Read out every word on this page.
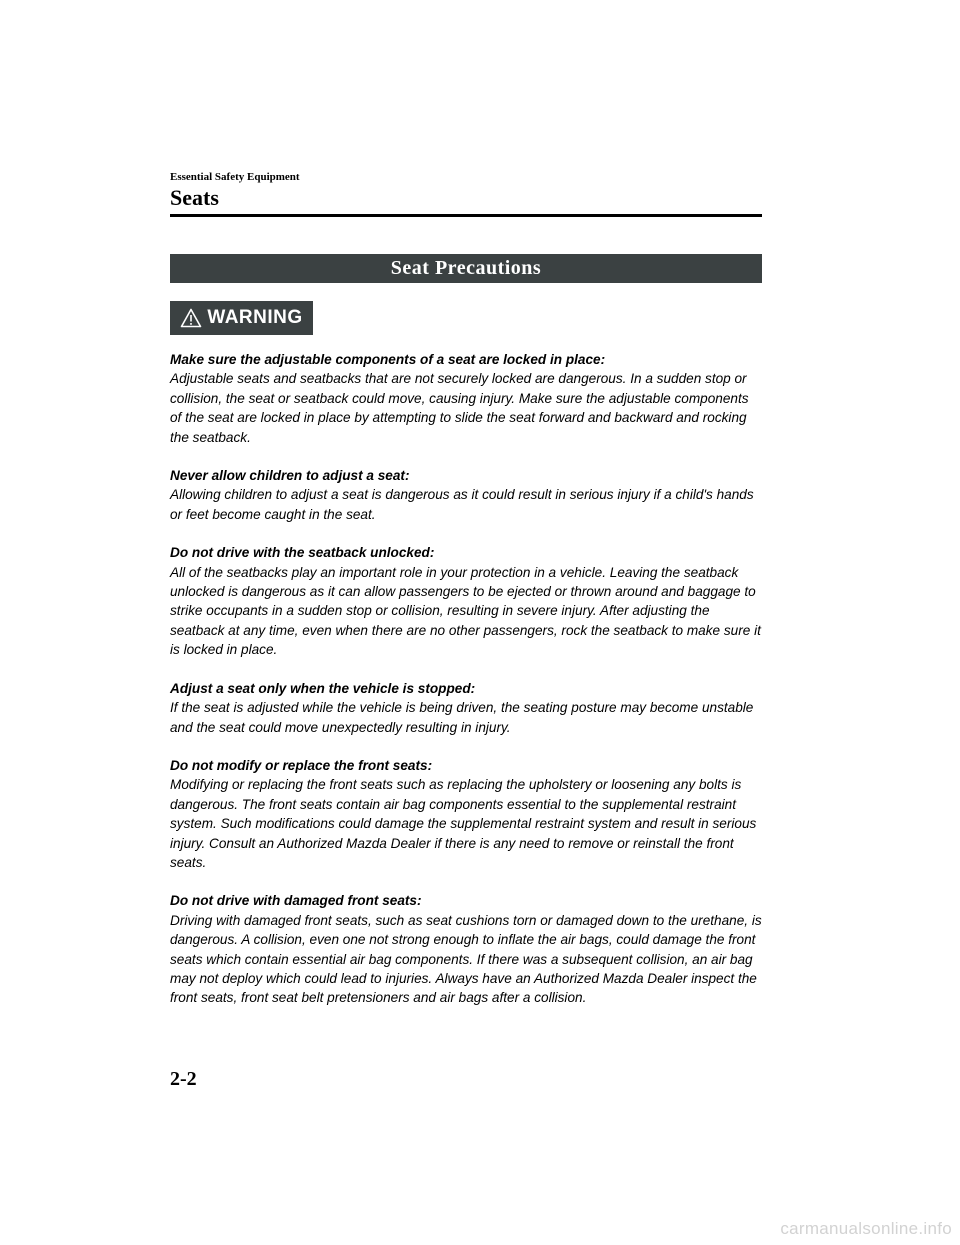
Essential Safety Equipment
Seats
Seat Precautions
WARNING
Make sure the adjustable components of a seat are locked in place:
Adjustable seats and seatbacks that are not securely locked are dangerous. In a sudden stop or collision, the seat or seatback could move, causing injury. Make sure the adjustable components of the seat are locked in place by attempting to slide the seat forward and backward and rocking the seatback.
Never allow children to adjust a seat:
Allowing children to adjust a seat is dangerous as it could result in serious injury if a child's hands or feet become caught in the seat.
Do not drive with the seatback unlocked:
All of the seatbacks play an important role in your protection in a vehicle. Leaving the seatback unlocked is dangerous as it can allow passengers to be ejected or thrown around and baggage to strike occupants in a sudden stop or collision, resulting in severe injury. After adjusting the seatback at any time, even when there are no other passengers, rock the seatback to make sure it is locked in place.
Adjust a seat only when the vehicle is stopped:
If the seat is adjusted while the vehicle is being driven, the seating posture may become unstable and the seat could move unexpectedly resulting in injury.
Do not modify or replace the front seats:
Modifying or replacing the front seats such as replacing the upholstery or loosening any bolts is dangerous. The front seats contain air bag components essential to the supplemental restraint system. Such modifications could damage the supplemental restraint system and result in serious injury. Consult an Authorized Mazda Dealer if there is any need to remove or reinstall the front seats.
Do not drive with damaged front seats:
Driving with damaged front seats, such as seat cushions torn or damaged down to the urethane, is dangerous. A collision, even one not strong enough to inflate the air bags, could damage the front seats which contain essential air bag components. If there was a subsequent collision, an air bag may not deploy which could lead to injuries. Always have an Authorized Mazda Dealer inspect the front seats, front seat belt pretensioners and air bags after a collision.
2-2
carmanualsonline.info
